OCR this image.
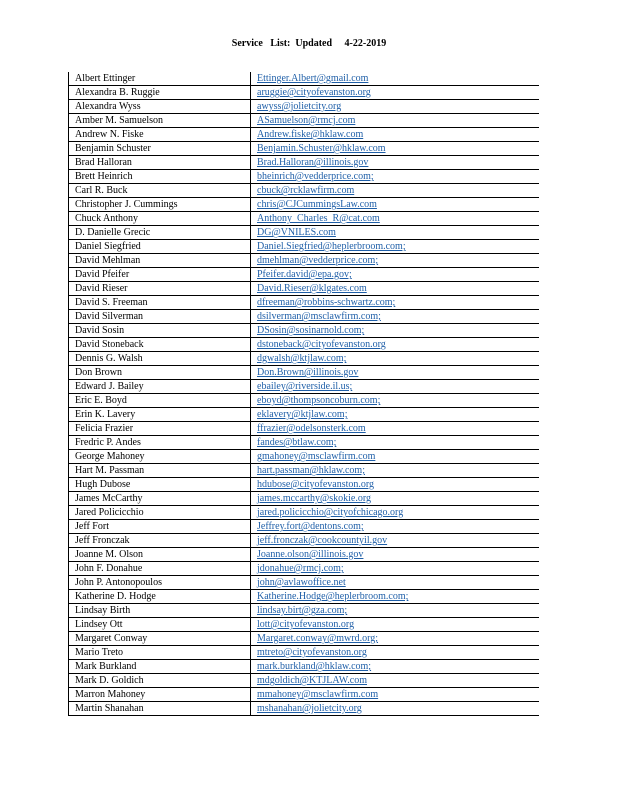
Service   List:  Updated     4-22-2019
Albert Ettinger	Ettinger.Albert@gmail.com
Alexandra B. Ruggie	aruggie@cityofevanston.org
Alexandra Wyss	awyss@jolietcity.org
Amber M. Samuelson	ASamuelson@rmcj.com
Andrew N. Fiske	Andrew.fiske@hklaw.com
Benjamin Schuster	Benjamin.Schuster@hklaw.com
Brad Halloran	Brad.Halloran@illinois.gov
Brett Heinrich	bheinrich@vedderprice.com;
Carl R. Buck	cbuck@rcklawfirm.com
Christopher J. Cummings	chris@CJCummingsLaw.com
Chuck Anthony	Anthony_Charles_R@cat.com
D. Danielle Grecic	DG@VNILES.com
Daniel Siegfried	Daniel.Siegfried@heplerbroom.com;
David Mehlman	dmehlman@vedderprice.com;
David Pfeifer	Pfeifer.david@epa.gov;
David Rieser	David.Rieser@klgates.com
David S. Freeman	dfreeman@robbins-schwartz.com;
David Silverman	dsilverman@msclawfirm.com;
David Sosin	DSosin@sosinarnold.com;
David Stoneback	dstoneback@cityofevanston.org
Dennis G. Walsh	dgwalsh@ktjlaw.com;
Don Brown	Don.Brown@illinois.gov
Edward J. Bailey	ebailey@riverside.il.us;
Eric E. Boyd	eboyd@thompsoncoburn.com;
Erin K. Lavery	eklavery@ktjlaw.com;
Felicia Frazier	ffrazier@odelsonsterk.com
Fredric P. Andes	fandes@btlaw.com;
George Mahoney	gmahoney@msclawfirm.com
Hart M. Passman	hart.passman@hklaw.com;
Hugh Dubose	hdubose@cityofevanston.org
James McCarthy	james.mccarthy@skokie.org
Jared Policicchio	jared.policicchio@cityofchicago.org
Jeff Fort	Jeffrey.fort@dentons.com;
Jeff Fronczak	jeff.fronczak@cookcountyil.gov
Joanne M. Olson	Joanne.olson@illinois.gov
John F. Donahue	jdonahue@rmcj.com;
John P. Antonopoulos	john@avlawoffice.net
Katherine D. Hodge	Katherine.Hodge@heplerbroom.com;
Lindsay Birth	lindsay.birt@gza.com;
Lindsey Ott	lott@cityofevanston.org
Margaret Conway	Margaret.conway@mwrd.org;
Mario Treto	mtreto@cityofevanston.org
Mark Burkland	mark.burkland@hklaw.com;
Mark D. Goldich	mdgoldich@KTJLAW.com
Marron Mahoney	mmahoney@msclawfirm.com
Martin Shanahan	mshanahan@jolietcity.org
